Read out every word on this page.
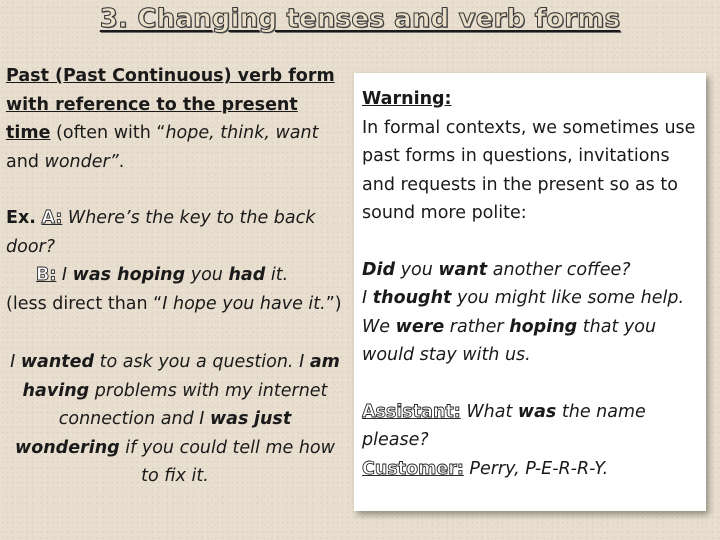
3. Changing tenses and verb forms

Past (Past Continuous) verb form with reference to the present time (often with “hope, think, want and wonder”.

Ex. A: Where’s the key to the back door?

B: I was hoping you had it.

(less direct than “I hope you have it.”)

I wanted to ask you a question. I am having problems with my internet connection and I was just wondering if you could tell me how to fix it.

Warning:

In formal contexts, we sometimes use past forms in questions, invitations and requests in the present so as to sound more polite:

Did you want another coffee?

I thought you might like some help.

We were rather hoping that you would stay with us.

Assistant: What was the name please?

Customer: Perry, P-E-R-R-Y.
